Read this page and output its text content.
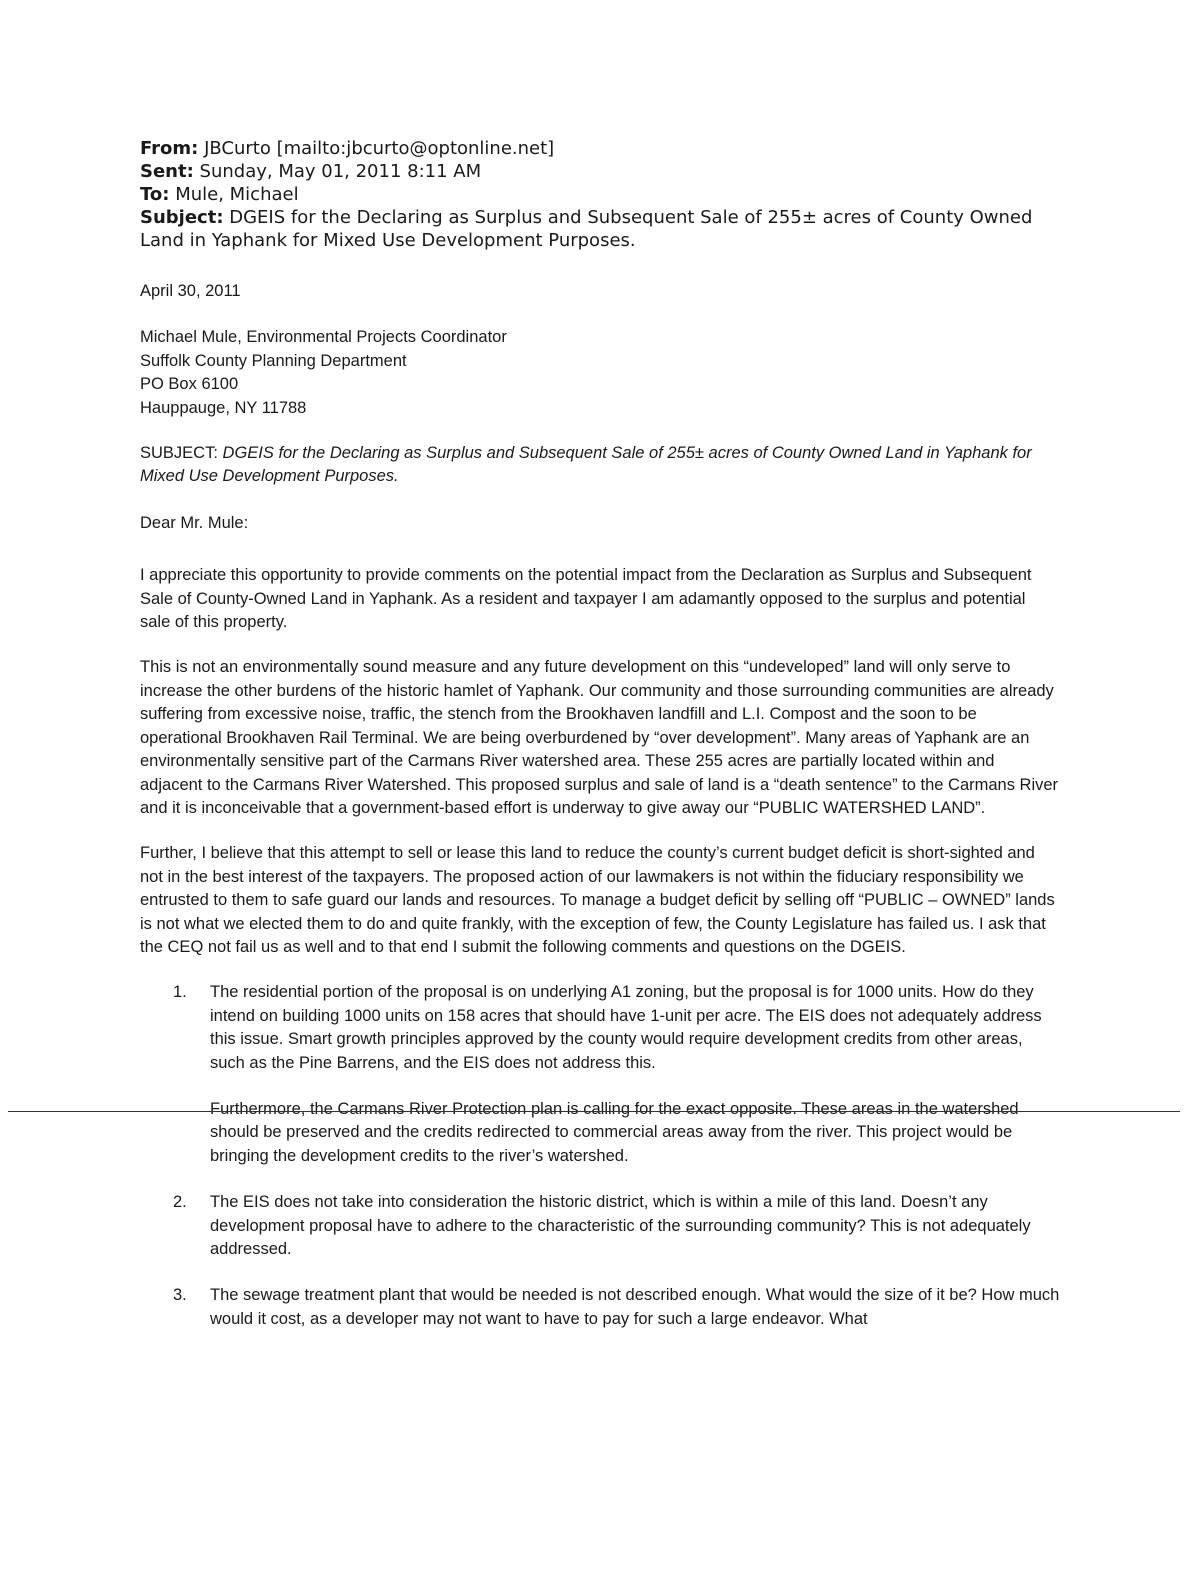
From: JBCurto [mailto:jbcurto@optonline.net]

Sent: Sunday, May 01, 2011 8:11 AM

To: Mule, Michael

Subject: DGEIS for the Declaring as Surplus and Subsequent Sale of 255± acres of County Owned Land in Yaphank for Mixed Use Development Purposes.

April 30, 2011

Michael Mule, Environmental Projects Coordinator

Suffolk County Planning Department

PO Box 6100

Hauppauge, NY 11788

SUBJECT: DGEIS for the Declaring as Surplus and Subsequent Sale of 255± acres of County Owned Land in Yaphank for Mixed Use Development Purposes.

Dear Mr. Mule:

I appreciate this opportunity to provide comments on the potential impact from the Declaration as Surplus and Subsequent Sale of County-Owned Land in Yaphank. As a resident and taxpayer I am adamantly opposed to the surplus and potential sale of this property.

This is not an environmentally sound measure and any future development on this “undeveloped” land will only serve to increase the other burdens of the historic hamlet of Yaphank. Our community and those surrounding communities are already suffering from excessive noise, traffic, the stench from the Brookhaven landfill and L.I. Compost and the soon to be operational Brookhaven Rail Terminal. We are being overburdened by “over development”. Many areas of Yaphank are an environmentally sensitive part of the Carmans River watershed area. These 255 acres are partially located within and adjacent to the Carmans River Watershed. This proposed surplus and sale of land is a “death sentence” to the Carmans River and it is inconceivable that a government-based effort is underway to give away our “PUBLIC WATERSHED LAND”.

Further, I believe that this attempt to sell or lease this land to reduce the county’s current budget deficit is short-sighted and not in the best interest of the taxpayers. The proposed action of our lawmakers is not within the fiduciary responsibility we entrusted to them to safe guard our lands and resources. To manage a budget deficit by selling off “PUBLIC – OWNED” lands is not what we elected them to do and quite frankly, with the exception of few, the County Legislature has failed us. I ask that the CEQ not fail us as well and to that end I submit the following comments and questions on the DGEIS.

1. The residential portion of the proposal is on underlying A1 zoning, but the proposal is for 1000 units. How do they intend on building 1000 units on 158 acres that should have 1-unit per acre. The EIS does not adequately address this issue. Smart growth principles approved by the county would require development credits from other areas, such as the Pine Barrens, and the EIS does not address this.

Furthermore, the Carmans River Protection plan is calling for the exact opposite. These areas in the watershed should be preserved and the credits redirected to commercial areas away from the river. This project would be bringing the development credits to the river’s watershed.

2. The EIS does not take into consideration the historic district, which is within a mile of this land. Doesn’t any development proposal have to adhere to the characteristic of the surrounding community? This is not adequately addressed.

3. The sewage treatment plant that would be needed is not described enough. What would the size of it be? How much would it cost, as a developer may not want to have to pay for such a large endeavor. What
